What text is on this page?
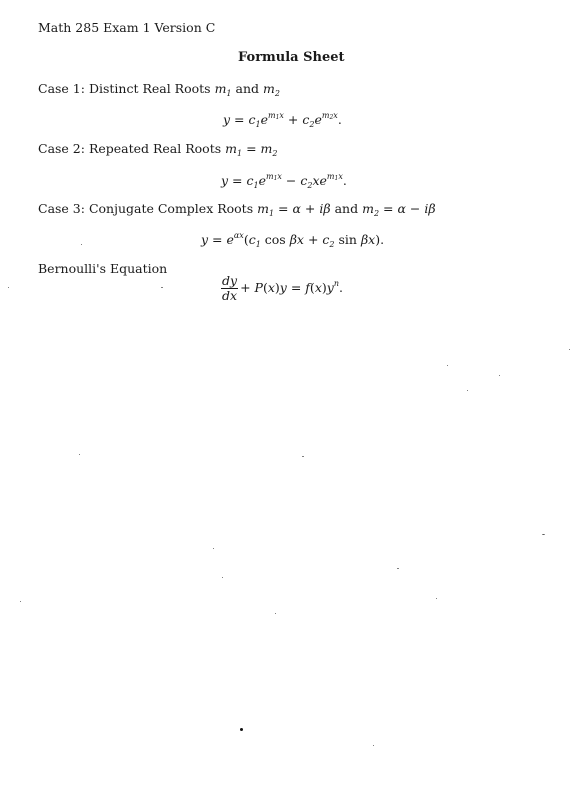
Math 285 Exam 1 Version C
Formula Sheet
Case 1: Distinct Real Roots $m_1$ and $m_2$
$y = c_1e^{m1x} + c_2e^{m2x}$.
Case 2: Repeated Real Roots $m_1 = m_2$
$y = c_1e^{m1x} - c_2xe^{m1x}$.
Case 3: Conjugate Complex Roots $m_1 = \alpha + i\beta$ and $m_2 = \alpha - i\beta$
$y = e^{\alpha x}(c_1$ $\cos \beta x + c_2$ sin βx).
Bernoulli's Equation
$\frac{dy}{dx} + P(x)y = f(x)y^n$.
